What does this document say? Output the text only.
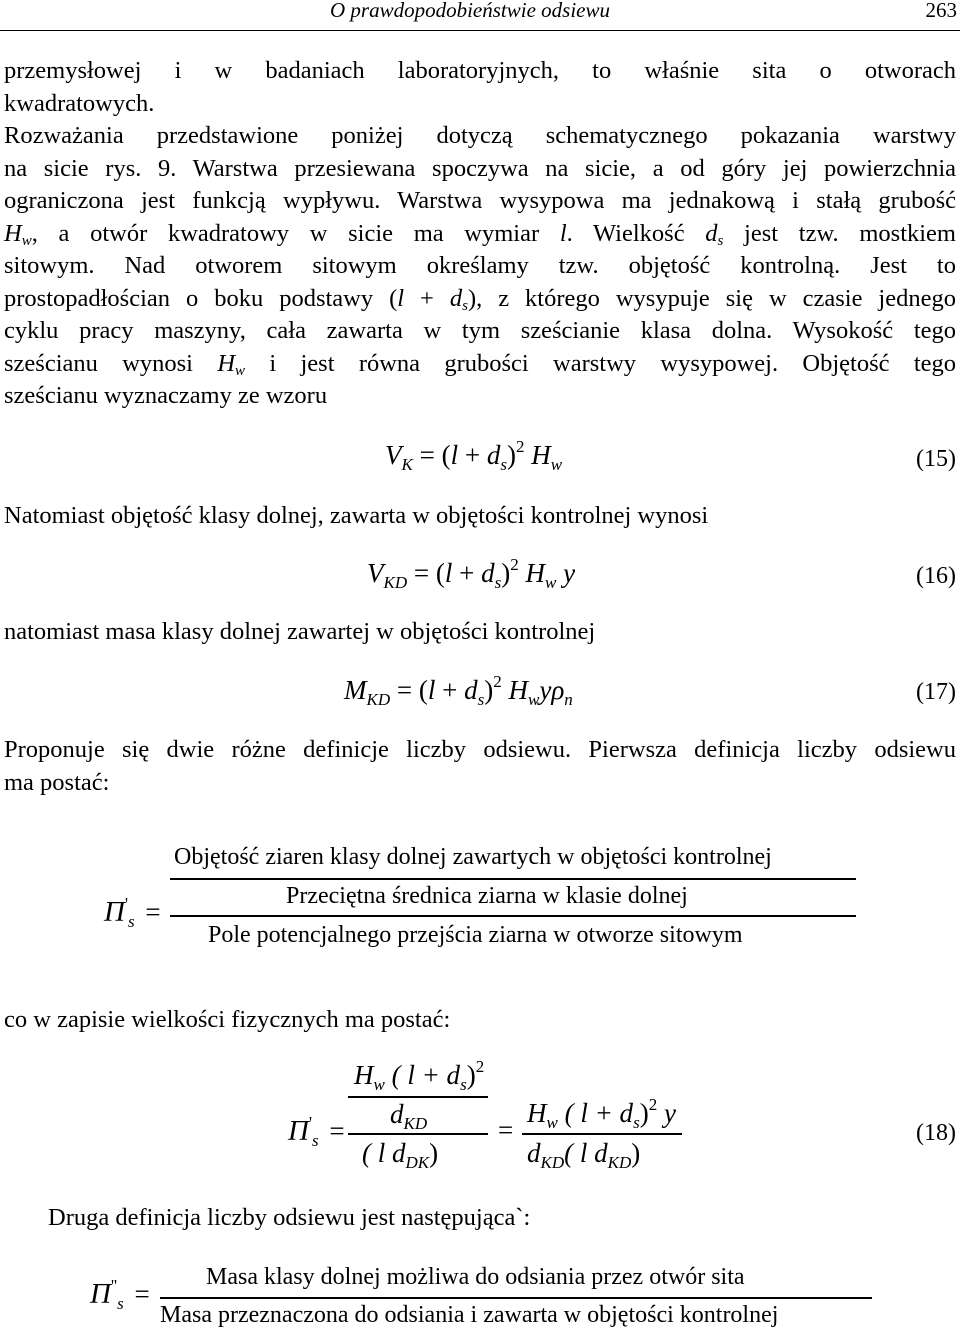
O prawdopodobieństwie odsiewu	263
przemysłowej i w badaniach laboratoryjnych, to właśnie sita o otworach
kwadratowych.
Rozważania przedstawione poniżej dotyczą schematycznego pokazania warstwy
na sicie rys. 9. Warstwa przesiewana spoczywa na sicie, a od góry jej powierzchnia
ograniczona jest funkcją wypływu. Warstwa wysypowa ma jednakową i stałą grubość
$H_w$, a otwór kwadratowy w sicie ma wymiar l. Wielkość $d_s$ jest tzw. mostkiem
sitowym. Nad otworem sitowym określamy tzw. objętość kontrolną. Jest to
prostopadłościan o boku podstawy $(l + d_s)$, z którego wysypuje się w czasie jednego
cyklu pracy maszyny, cała zawarta w tym sześcianie klasa dolna. Wysokość tego
sześcianu wynosi $H_w$ i jest równa grubości warstwy wysypowej. Objętość tego
sześcianu wyznaczamy ze wzoru
$V_K = (l + d_s)^2$ $H_w$	(15)
Natomiast objętość klasy dolnej, zawarta w objętości kontrolnej wynosi
$V_{KD} = (l + d_s)^2$ $H_w$ y	(16)
natomiast masa klasy dolnej zawartej w objętości kontrolnej
$M_{KD} = (l + d_s)^2$ $H_wy\rho_n$	(17)
Proponuje się dwie różne definicje liczby odsiewu. Pierwsza definicja liczby odsiewu
ma postać:
$\Pi'_s$ =
Objętość ziaren klasy dolnej zawartych w objętości kontrolnej
Przeciętna średnica ziarna w klasie dolnej
Pole potencjalnego przejścia ziarna w otworze sitowym
co w zapisie wielkości fizycznych ma postać:
$\Pi'_s$ =
$H_w$ ( $l + d_s)^2$
$d_{KD}$
( l $d_{DK}$)
=
$H_w$ ( $l + d_s)^2$ y
$d_{KD}$( l $d_{KD}$)
(18)
Druga definicja liczby odsiewu jest następująca`:
$\Pi''_s$ =
Masa klasy dolnej możliwa do odsiania przez otwór sita
Masa przeznaczona do odsiania i zawarta w objętości kontrolnej
